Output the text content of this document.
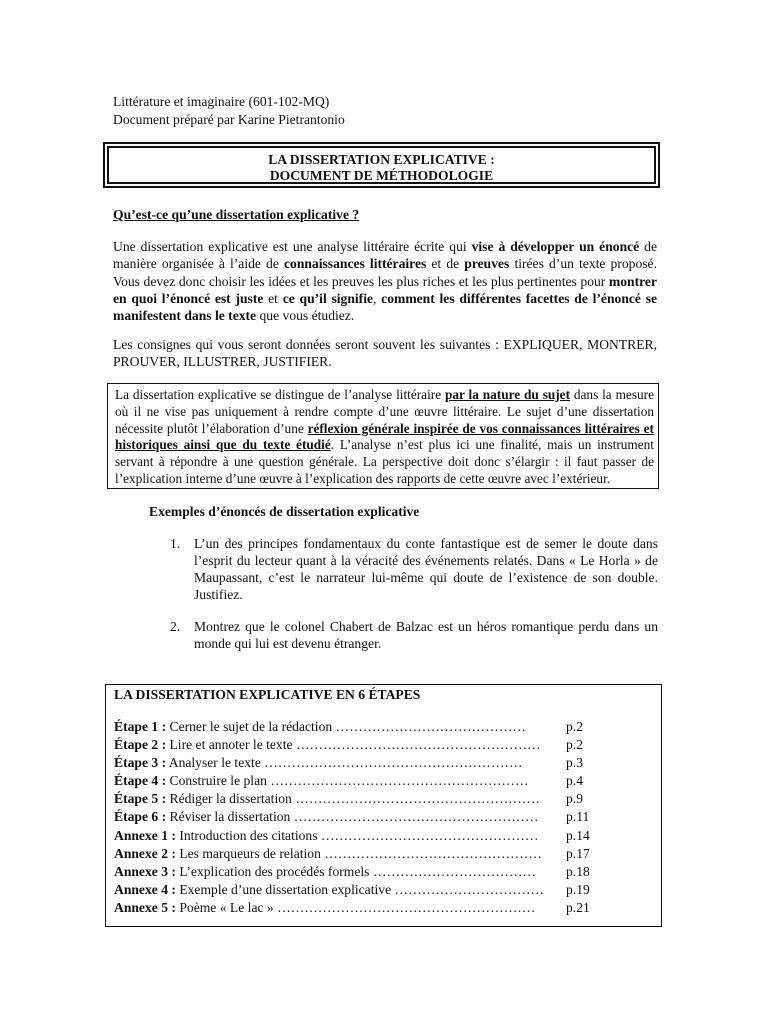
Littérature et imaginaire (601-102-MQ)
Document préparé par Karine Pietrantonio
LA DISSERTATION EXPLICATIVE :
DOCUMENT DE MÉTHODOLOGIE
Qu’est-ce qu’une dissertation explicative ?
Une dissertation explicative est une analyse littéraire écrite qui vise à développer un énoncé de manière organisée à l’aide de connaissances littéraires et de preuves tirées d’un texte proposé. Vous devez donc choisir les idées et les preuves les plus riches et les plus pertinentes pour montrer en quoi l’énoncé est juste et ce qu’il signifie, comment les différentes facettes de l’énoncé se manifestent dans le texte que vous étudiez.
Les consignes qui vous seront données seront souvent les suivantes : EXPLIQUER, MONTRER, PROUVER, ILLUSTRER, JUSTIFIER.
La dissertation explicative se distingue de l’analyse littéraire par la nature du sujet dans la mesure où il ne vise pas uniquement à rendre compte d’une œuvre littéraire. Le sujet d’une dissertation nécessite plutôt l’élaboration d’une réflexion générale inspirée de vos connaissances littéraires et historiques ainsi que du texte étudié. L’analyse n’est plus ici une finalité, mais un instrument servant à répondre à une question générale. La perspective doit donc s’élargir : il faut passer de l’explication interne d’une œuvre à l’explication des rapports de cette œuvre avec l’extérieur.
Exemples d’énoncés de dissertation explicative
1. L’un des principes fondamentaux du conte fantastique est de semer le doute dans l’esprit du lecteur quant à la véracité des événements relatés. Dans « Le Horla » de Maupassant, c’est le narrateur lui-même qui doute de l’existence de son double. Justifiez.
2. Montrez que le colonel Chabert de Balzac est un héros romantique perdu dans un monde qui lui est devenu étranger.
LA DISSERTATION EXPLICATIVE EN 6 ÉTAPES
Étape 1 : Cerner le sujet de la rédaction ……………………………………	p.2
Étape 2 : Lire et annoter le texte ……………………………………………… p.2
Étape 3 : Analyser le texte …………………………………………………	p.3
Étape 4 : Construire le plan …………………………………………………	p.4
Étape 5 : Rédiger la dissertation ……………………………………………… p.9
Étape 6 : Réviser la dissertation ……………………………………………… p.11
Annexe 1 : Introduction des citations ………………………………………… p.14
Annexe 2 : Les marqueurs de relation ………………………………………… p.17
Annexe 3 : L’explication des procédés formels ……………………………… p.18
Annexe 4 : Exemple d’une dissertation explicative …………………………… p.19
Annexe 5 : Poème « Le lac » ………………………………………………… p.21
